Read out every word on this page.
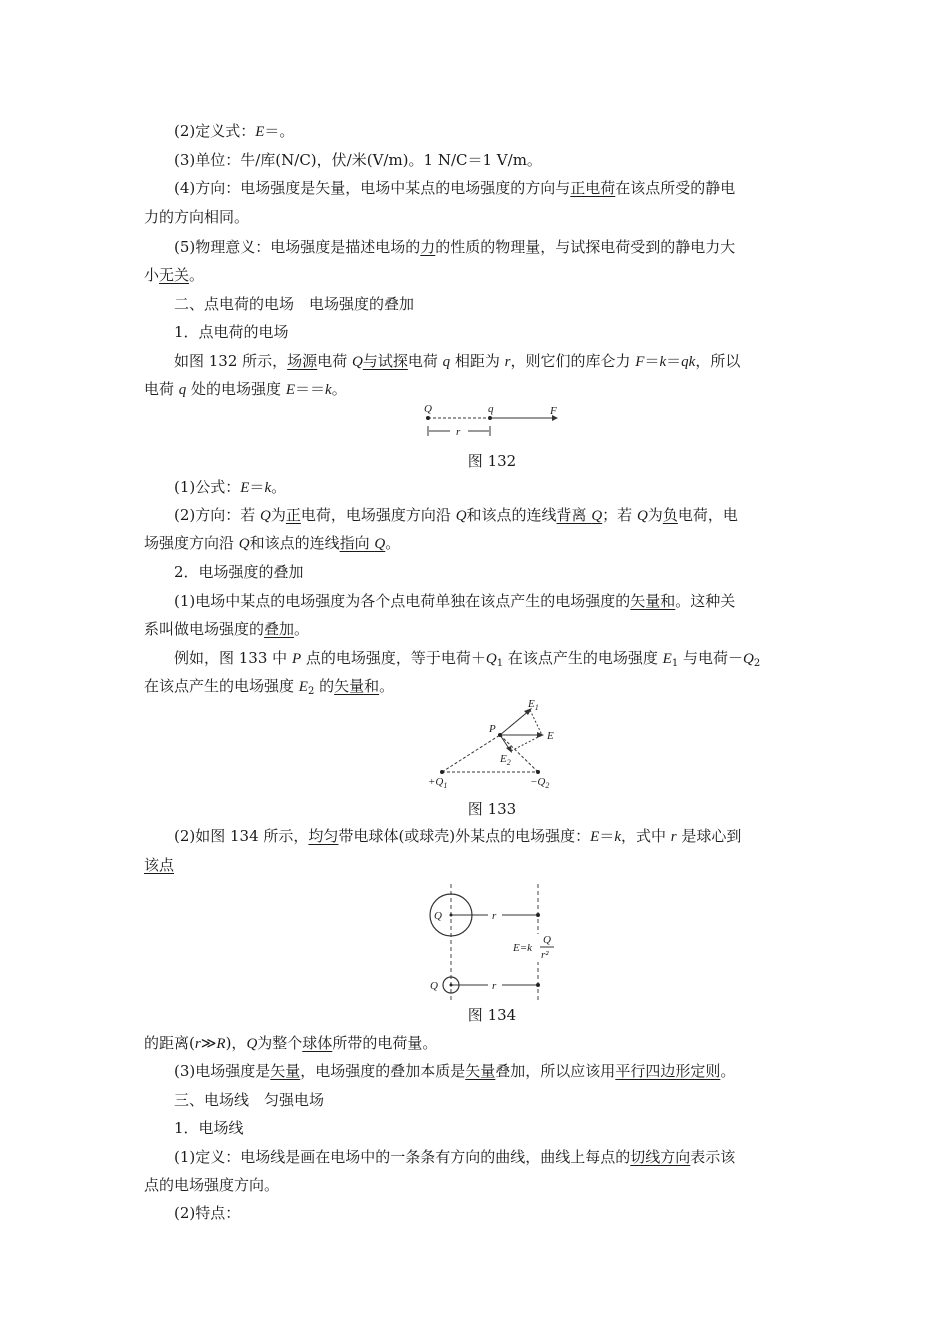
(2)定义式：E＝。
(3)单位：牛/库(N/C)，伏/米(V/m)。1 N/C＝1 V/m。
(4)方向：电场强度是矢量，电场中某点的电场强度的方向与正电荷在该点所受的静电
力的方向相同。
(5)物理意义：电场强度是描述电场的力的性质的物理量，与试探电荷受到的静电力大
小无关。
二、点电荷的电场　电场强度的叠加
1．点电荷的电场
如图 132 所示，场源电荷 Q与试探电荷 q 相距为 r，则它们的库仑力 F＝k＝qk，所以
电荷 q 处的电场强度 E＝＝k。
Q	q	F
r
图 132
(1)公式：E＝k。
(2)方向：若 Q为正电荷，电场强度方向沿 Q和该点的连线背离 Q；若 Q为负电荷，电
场强度方向沿 Q和该点的连线指向 Q。
2．电场强度的叠加
(1)电场中某点的电场强度为各个点电荷单独在该点产生的电场强度的矢量和。这种关
系叫做电场强度的叠加。
例如，图 133 中 P 点的电场强度，等于电荷$+Q_1$ 在该点产生的电场强度 $E_1$ 与电荷$-Q_2$
在该点产生的电场强度 $E_2$ 的矢量和。
P
$E_1$
E
$E_2$
$+Q_1$	$-Q_2$
图 133
(2)如图 134 所示，均匀带电球体(或球壳)外某点的电场强度：E＝k，式中 r 是球心到
该点
Q
Q
r
r
E=k
Q
r²
图 134
的距离(r≫R)，Q为整个球体所带的电荷量。
(3)电场强度是矢量，电场强度的叠加本质是矢量叠加，所以应该用平行四边形定则。
三、电场线　匀强电场
1．电场线
(1)定义：电场线是画在电场中的一条条有方向的曲线，曲线上每点的切线方向表示该
点的电场强度方向。
(2)特点：
